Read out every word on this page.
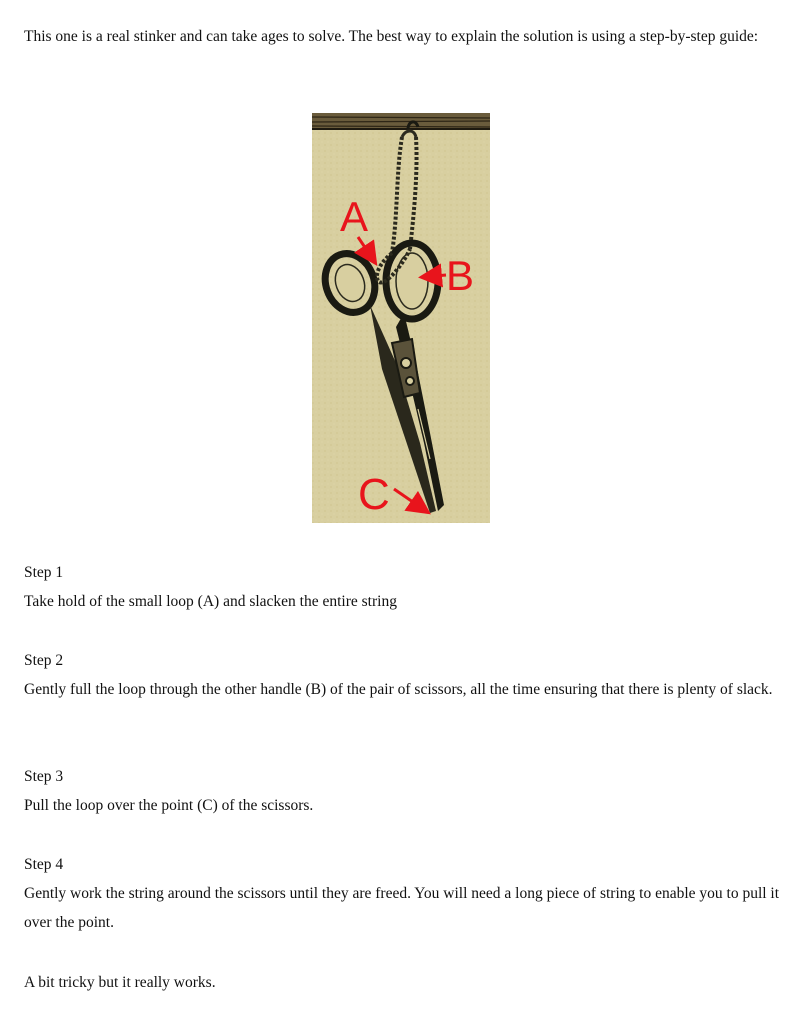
This one is a real stinker and can take ages to solve. The best way to explain the solution is using a step-by-step guide:

A
B
C
Step 1

Take hold of the small loop (A) and slacken the entire string

Step 2

Gently full the loop through the other handle (B) of the pair of scissors, all the time ensuring that there is plenty of slack.

Step 3

Pull the loop over the point (C) of the scissors.

Step 4

Gently work the string around the scissors until they are freed. You will need a long piece of string to enable you to pull it over the point.

A bit tricky but it really works.
